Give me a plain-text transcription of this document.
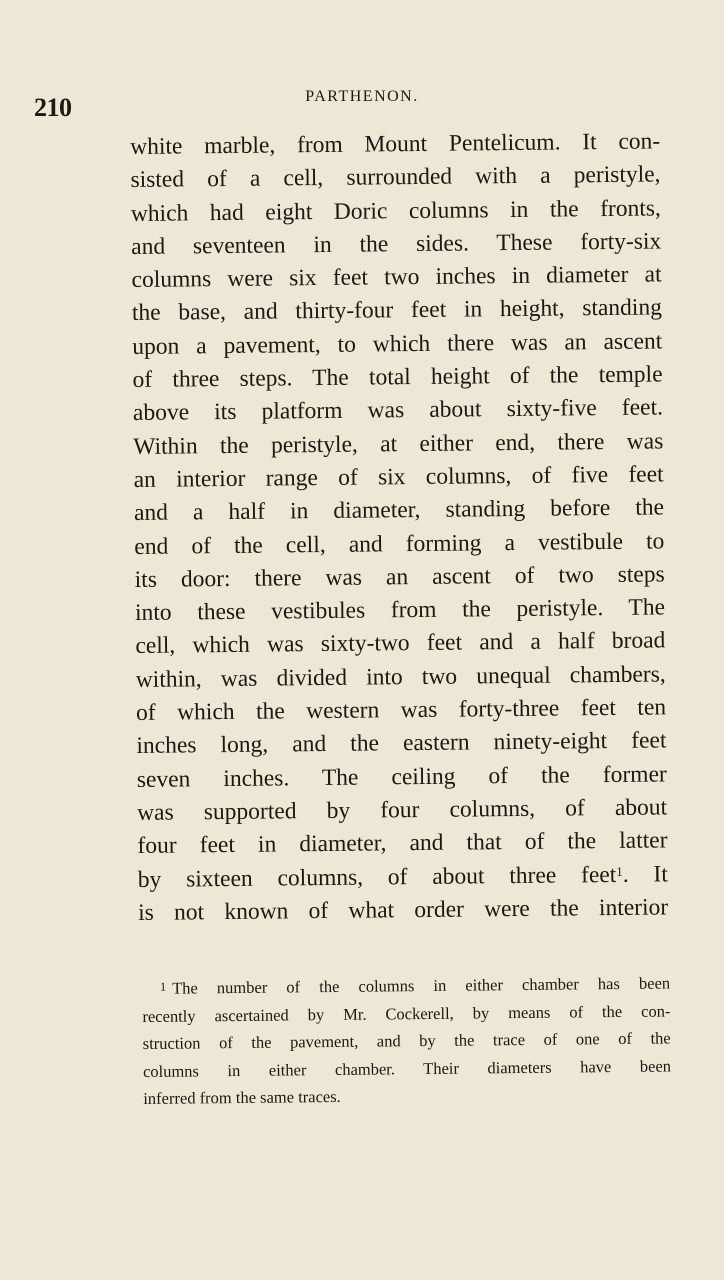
210	PARTHENON.
white marble, from Mount Pentelicum. It con-
sisted of a cell, surrounded with a peristyle,
which had eight Doric columns in the fronts,
and seventeen in the sides. These forty-six
columns were six feet two inches in diameter at
the base, and thirty-four feet in height, standing
upon a pavement, to which there was an ascent
of three steps. The total height of the temple
above its platform was about sixty-five feet.
Within the peristyle, at either end, there was
an interior range of six columns, of five feet
and a half in diameter, standing before the
end of the cell, and forming a vestibule to
its door: there was an ascent of two steps
into these vestibules from the peristyle. The
cell, which was sixty-two feet and a half broad
within, was divided into two unequal chambers,
of which the western was forty-three feet ten
inches long, and the eastern ninety-eight feet
seven inches. The ceiling of the former
was supported by four columns, of about
four feet in diameter, and that of the latter
by sixteen columns, of about three feet$^1$. It
is not known of what order were the interior
1 The number of the columns in either chamber has been
recently ascertained by Mr. Cockerell, by means of the con-
struction of the pavement, and by the trace of one of the
columns in either chamber. Their diameters have been
inferred from the same traces.
